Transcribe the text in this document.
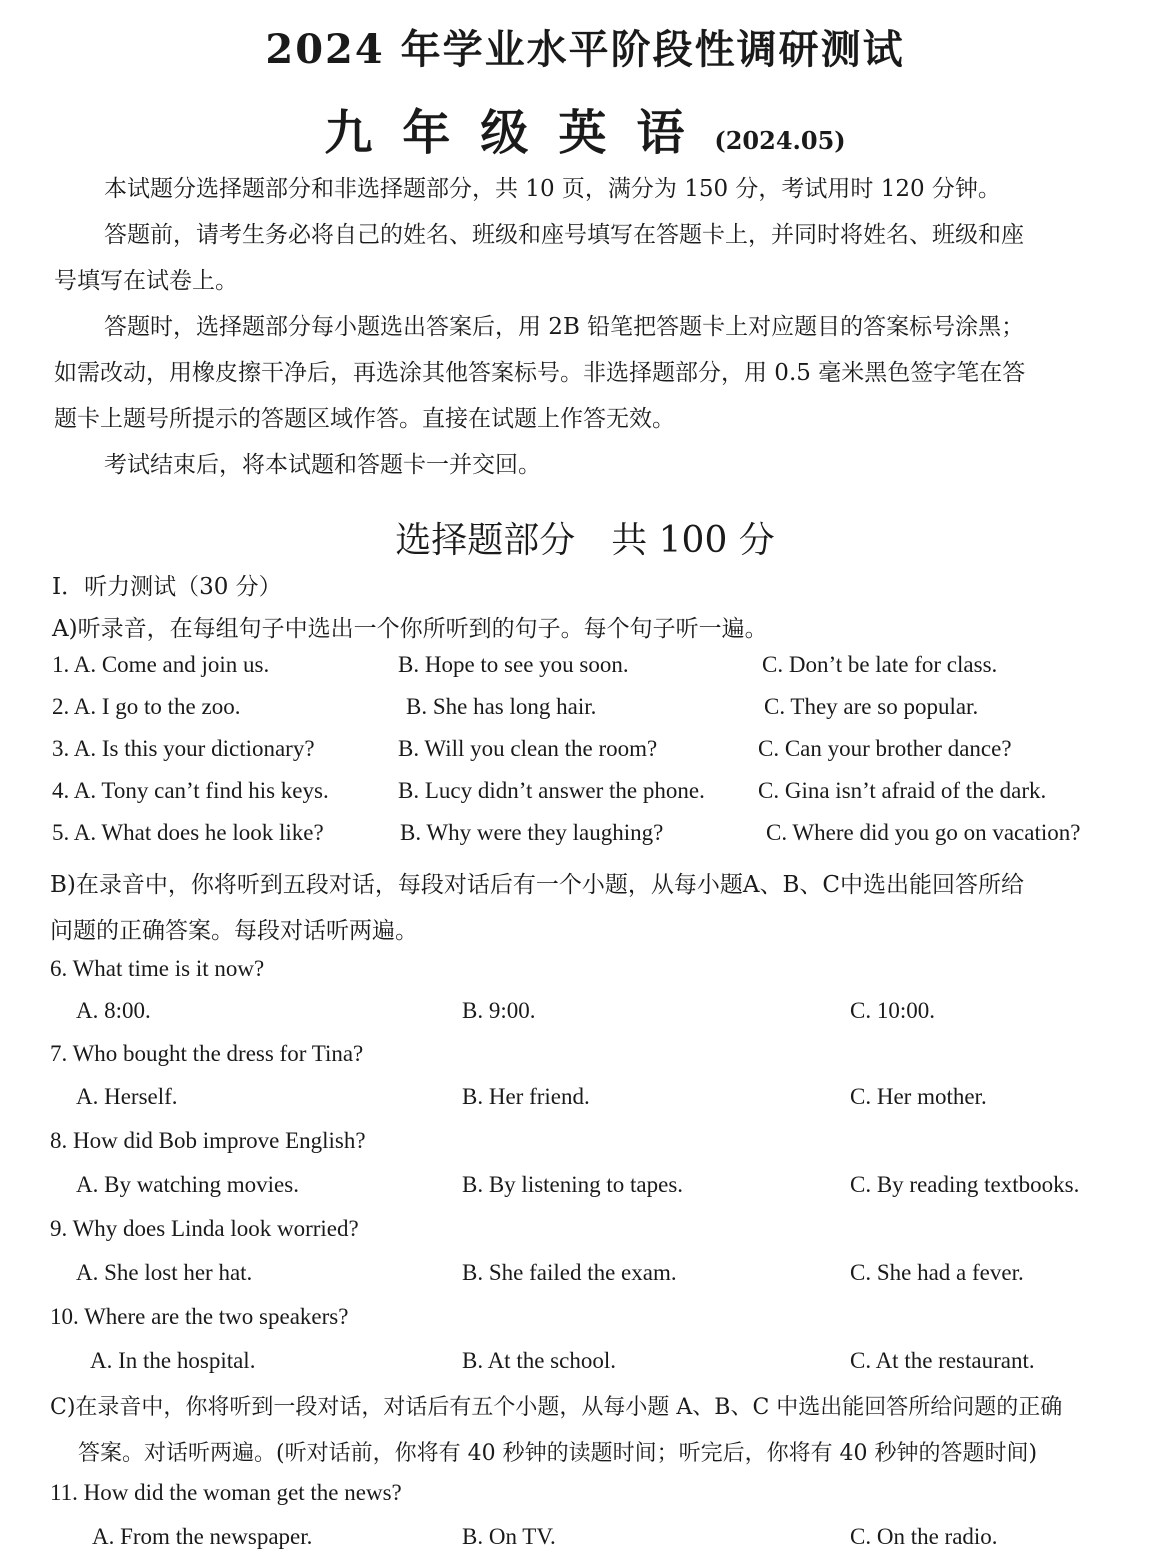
2024 年学业水平阶段性调研测试
九年级英语(2024.05)
本试题分选择题部分和非选择题部分，共 10 页，满分为 150 分，考试用时 120 分钟。
答题前，请考生务必将自己的姓名、班级和座号填写在答题卡上，并同时将姓名、班级和座
号填写在试卷上。
答题时，选择题部分每小题选出答案后，用 2B 铅笔把答题卡上对应题目的答案标号涂黑；
如需改动，用橡皮擦干净后，再选涂其他答案标号。非选择题部分，用 0.5 毫米黑色签字笔在答
题卡上题号所提示的答题区域作答。直接在试题上作答无效。
考试结束后，将本试题和答题卡一并交回。
选择题部分　共 100 分
I．听力测试（30 分）
A)听录音，在每组句子中选出一个你所听到的句子。每个句子听一遍。
1. A. Come and join us.	B. Hope to see you soon.	C. Don’t be late for class.
2. A. I go to the zoo.	B. She has long hair.	C. They are so popular.
3. A. Is this your dictionary?	B. Will you clean the room?	C. Can your brother dance?
4. A. Tony can’t find his keys.	B. Lucy didn’t answer the phone. C. Gina isn’t afraid of the dark.
5. A. What does he look like?	B. Why were they laughing?	C. Where did you go on vacation?
B)在录音中，你将听到五段对话，每段对话后有一个小题，从每小题A、B、C中选出能回答所给
问题的正确答案。每段对话听两遍。
6. What time is it now?
A. 8:00.	B. 9:00.	C. 10:00.
7. Who bought the dress for Tina?
A. Herself.	B. Her friend.	C. Her mother.
8. How did Bob improve English?
A. By watching movies.	B. By listening to tapes.	C. By reading textbooks.
9. Why does Linda look worried?
A. She lost her hat.	B. She failed the exam.	C. She had a fever.
10. Where are the two speakers?
A. In the hospital.	B. At the school.	C. At the restaurant.
C)在录音中，你将听到一段对话，对话后有五个小题，从每小题 A、B、C 中选出能回答所给问题的正确
答案。对话听两遍。(听对话前，你将有 40 秒钟的读题时间；听完后，你将有 40 秒钟的答题时间)
11. How did the woman get the news?
A. From the newspaper.	B. On TV.	C. On the radio.
